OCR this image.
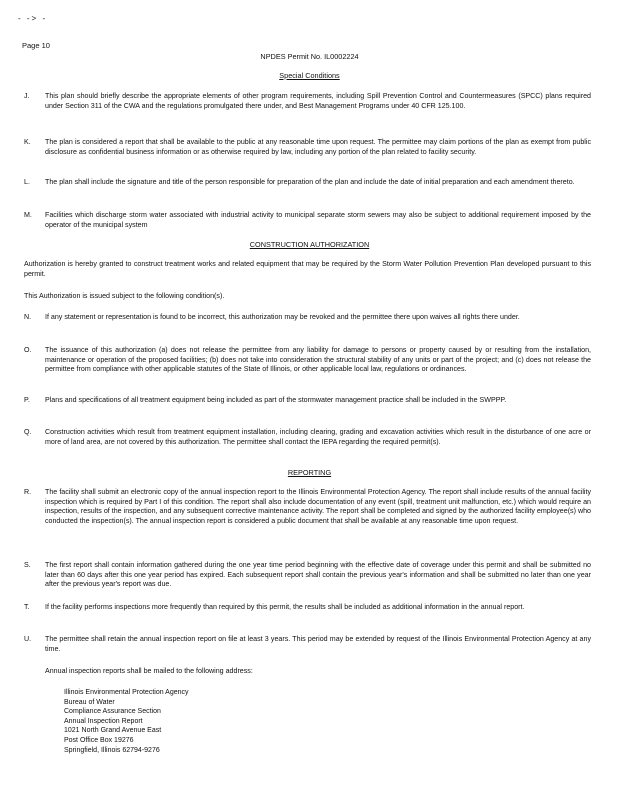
- -> -
Page 10
NPDES Permit No. IL0002224
Special Conditions
J. This plan should briefly describe the appropriate elements of other program requirements, including Spill Prevention Control and Countermeasures (SPCC) plans required under Section 311 of the CWA and the regulations promulgated there under, and Best Management Programs under 40 CFR 125.100.
K. The plan is considered a report that shall be available to the public at any reasonable time upon request. The permittee may claim portions of the plan as exempt from public disclosure as confidential business information or as otherwise required by law, including any portion of the plan related to facility security.
L. The plan shall include the signature and title of the person responsible for preparation of the plan and include the date of initial preparation and each amendment thereto.
M. Facilities which discharge storm water associated with industrial activity to municipal separate storm sewers may also be subject to additional requirement imposed by the operator of the municipal system
CONSTRUCTION AUTHORIZATION
Authorization is hereby granted to construct treatment works and related equipment that may be required by the Storm Water Pollution Prevention Plan developed pursuant to this permit.
This Authorization is issued subject to the following condition(s).
N. If any statement or representation is found to be incorrect, this authorization may be revoked and the permittee there upon waives all rights there under.
O. The issuance of this authorization (a) does not release the permittee from any liability for damage to persons or property caused by or resulting from the installation, maintenance or operation of the proposed facilities; (b) does not take into consideration the structural stability of any units or part of the project; and (c) does not release the permittee from compliance with other applicable statutes of the State of Illinois, or other applicable local law, regulations or ordinances.
P. Plans and specifications of all treatment equipment being included as part of the stormwater management practice shall be included in the SWPPP.
Q. Construction activities which result from treatment equipment installation, including clearing, grading and excavation activities which result in the disturbance of one acre or more of land area, are not covered by this authorization. The permittee shall contact the IEPA regarding the required permit(s).
REPORTING
R. The facility shall submit an electronic copy of the annual inspection report to the Illinois Environmental Protection Agency. The report shall include results of the annual facility inspection which is required by Part I of this condition. The report shall also include documentation of any event (spill, treatment unit malfunction, etc.) which would require an inspection, results of the inspection, and any subsequent corrective maintenance activity. The report shall be completed and signed by the authorized facility employee(s) who conducted the inspection(s). The annual inspection report is considered a public document that shall be available at any reasonable time upon request.
S. The first report shall contain information gathered during the one year time period beginning with the effective date of coverage under this permit and shall be submitted no later than 60 days after this one year period has expired. Each subsequent report shall contain the previous year's information and shall be submitted no later than one year after the previous year's report was due.
T. If the facility performs inspections more frequently than required by this permit, the results shall be included as additional information in the annual report.
U. The permittee shall retain the annual inspection report on file at least 3 years. This period may be extended by request of the Illinois Environmental Protection Agency at any time.
Annual inspection reports shall be mailed to the following address:
Illinois Environmental Protection Agency
Bureau of Water
Compliance Assurance Section
Annual Inspection Report
1021 North Grand Avenue East
Post Office Box 19276
Springfield, Illinois 62794-9276
